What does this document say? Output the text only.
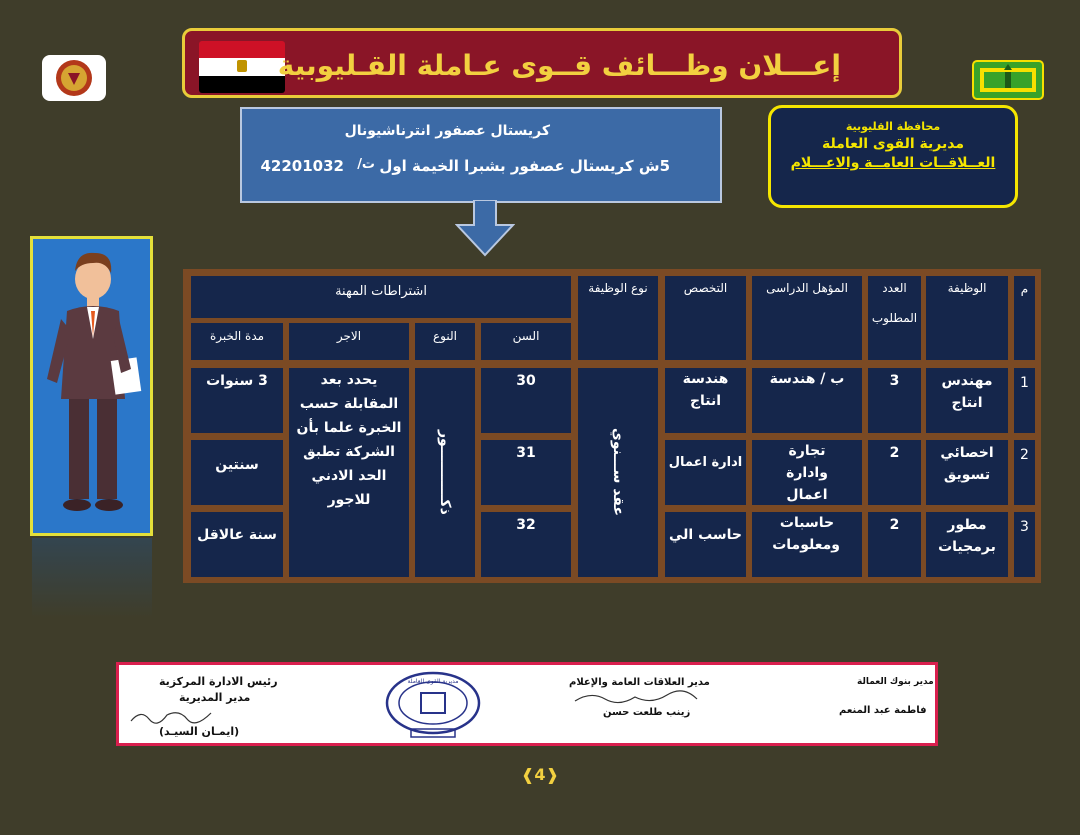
إعـــلان وظـــائف قــوى عـاملة القـليوبية
كريستال عصفور انترناشيونال
5ش كريستال عصفور بشبرا الخيمة اول
ت/
42201032
محافظة القليوبية
مديرية القوى العاملة
العــلاقــات العامــة والاعـــلام
م
الوظيفة
العدد
المطلوب
المؤهل الدراسى
التخصص
نوع الوظيفة
اشتراطات المهنة
السن
النوع
الاجر
مدة الخبرة
1
مهندس انتاج
3
ب / هندسة
هندسة انتاج
30
3 سنوات
2
اخصائي تسويق
2
تجارة وادارة اعمال
ادارة اعمال
31
سنتين
3
مطور برمجيات
2
حاسبات ومعلومات
حاسب الي
32
سنة عالاقل
عقد ســـنوي
ذكـــــــــــور
يحدد بعد المقابلة حسب الخبرة علما بأن الشركة تطبق الحد الادني للاجور
رئيس الادارة المركزية
مدير المديرية
(ايمـان السيـد)
مديرية القوى العاملة	مدير العلاقات العامة والإعلام
زينب طلعت حسن
مدير بنوك العمالة
فاطمة عبد المنعم
❰4❱
